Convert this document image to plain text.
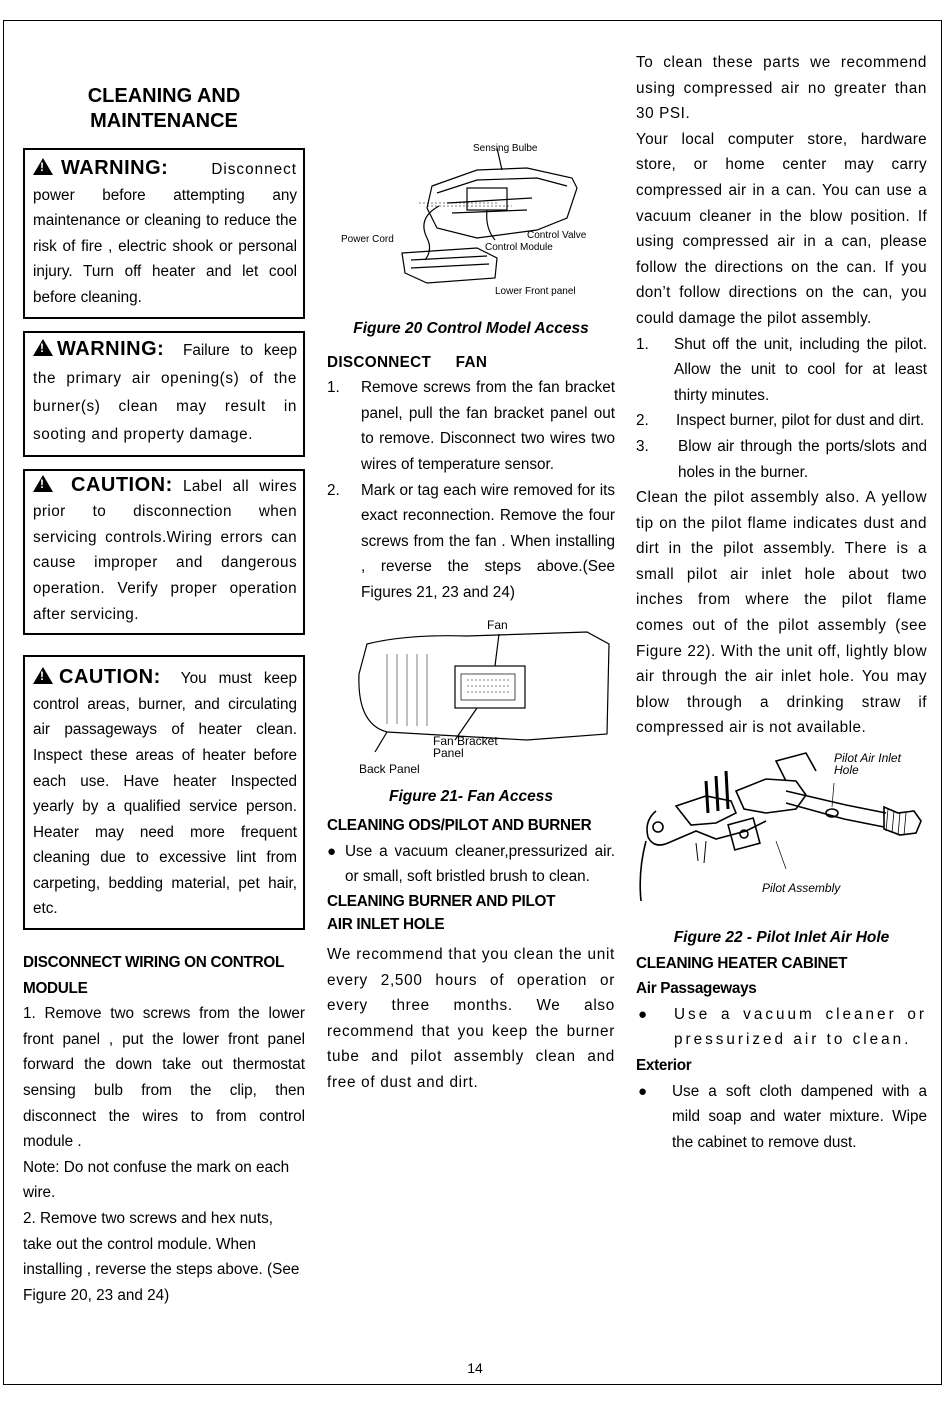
CLEANING AND
MAINTENANCE
!WARNING:	Disconnect power before attempting any maintenance or cleaning to reduce the risk of fire , electric shook or personal injury. Turn off heater and let cool before cleaning.
!WARNING: Failure to keep the primary air opening(s) of the burner(s) clean may result in sooting and property damage.
!CAUTION: Label all wires prior to disconnection when servicing controls.Wiring errors can cause improper and dangerous operation. Verify proper operation after servicing.
!CAUTION: You must keep control areas, burner, and circulating air passageways of heater clean. Inspect these areas of heater before each use. Have heater Inspected yearly by a qualified service person. Heater may need more frequent cleaning due to excessive lint from carpeting, bedding material, pet hair, etc.
DISCONNECT WIRING ON CONTROL MODULE

1. Remove two screws from the lower front panel , put the lower front panel forward the down take out thermostat sensing bulb from the clip, then disconnect the wires to from control module .

Note: Do not confuse the mark on each wire.

2. Remove two screws and hex nuts, take out the control module. When installing , reverse the steps above. (See Figure 20, 23 and 24)

Sensing Bulbe
Power Cord	Control Valve
Control Module
Lower Front panel
Figure 20 Control Model Access
DISCONNECT FAN
1. Remove screws from the fan bracket panel, pull the fan bracket panel out to remove. Disconnect two wires two wires of temperature sensor.
2. Mark or tag each wire removed for its exact reconnection. Remove the four screws from the fan . When installing , reverse the steps above.(See Figures 21, 23 and 24)
Fan
Fan Bracket
Panel
Back Panel
Figure 21- Fan Access
CLEANING ODS/PILOT AND BURNER
● Use a vacuum cleaner,pressurized air. or small, soft bristled brush to clean.
CLEANING BURNER AND PILOT
AIR INLET HOLE

We recommend that you clean the unit every 2,500 hours of operation or every three months. We also recommend that you keep the burner tube and pilot assembly clean and free of dust and dirt.

To clean these parts we recommend using compressed air no greater than 30 PSI.

Your local computer store, hardware store, or home center may carry compressed air in a can. You can use a vacuum cleaner in the blow position. If using compressed air in a can, please follow the directions on the can. If you don’t follow directions on the can, you could damage the pilot assembly.

1. Shut off the unit, including the pilot. Allow the unit to cool for at least thirty minutes.
2. Inspect burner, pilot for dust and dirt.
3. Blow air through the ports/slots and holes in the burner.

Clean the pilot assembly also. A yellow tip on the pilot flame indicates dust and dirt in the pilot assembly. There is a small pilot air inlet hole about two inches from where the pilot flame comes out of the pilot assembly (see Figure 22). With the unit off, lightly blow air through the air inlet hole. You may blow through a drinking straw if compressed air is not available.

Pilot Air Inlet
Hole
Pilot Assembly
Figure 22 - Pilot Inlet Air Hole
CLEANING HEATER CABINET
Air Passageways
● Use a vacuum cleaner or pressurized air to clean.
Exterior
● Use a soft cloth dampened with a mild soap and water mixture. Wipe the cabinet to remove dust.
14
